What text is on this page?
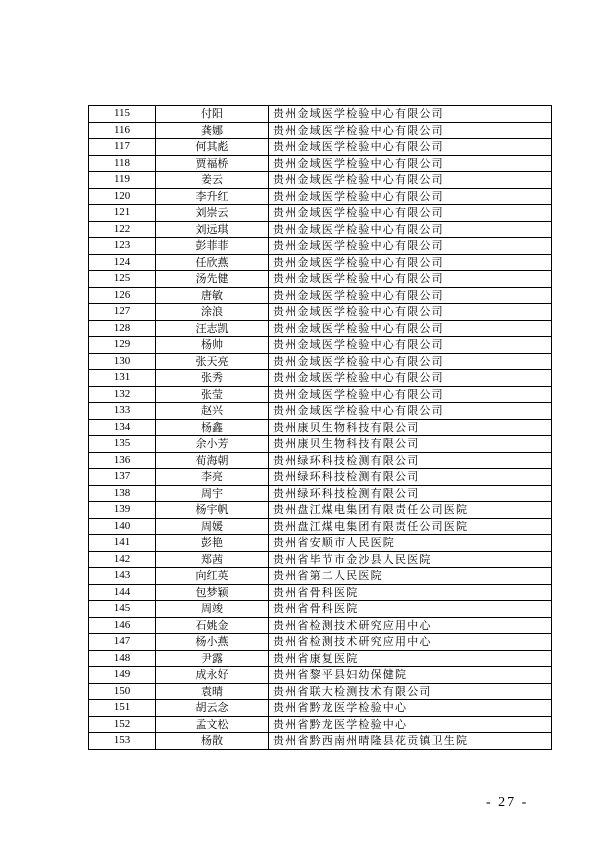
115	付阳	贵州金域医学检验中心有限公司
116	龚娜	贵州金域医学检验中心有限公司
117	何其彪	贵州金域医学检验中心有限公司
118	贾福桥	贵州金域医学检验中心有限公司
119	姜云	贵州金域医学检验中心有限公司
120	李升红	贵州金域医学检验中心有限公司
121	刘崇云	贵州金域医学检验中心有限公司
122	刘远琪	贵州金域医学检验中心有限公司
123	彭菲菲	贵州金域医学检验中心有限公司
124	任欣燕	贵州金域医学检验中心有限公司
125	汤先健	贵州金域医学检验中心有限公司
126	唐敏	贵州金域医学检验中心有限公司
127	涂浪	贵州金域医学检验中心有限公司
128	汪志凯	贵州金域医学检验中心有限公司
129	杨帅	贵州金域医学检验中心有限公司
130	张天亮	贵州金域医学检验中心有限公司
131	张秀	贵州金域医学检验中心有限公司
132	张莹	贵州金域医学检验中心有限公司
133	赵兴	贵州金域医学检验中心有限公司
134	杨鑫	贵州康贝生物科技有限公司
135	余小芳	贵州康贝生物科技有限公司
136	荀海朝	贵州绿环科技检测有限公司
137	李亮	贵州绿环科技检测有限公司
138	周宇	贵州绿环科技检测有限公司
139	杨宇帆	贵州盘江煤电集团有限责任公司医院
140	周媛	贵州盘江煤电集团有限责任公司医院
141	彭艳	贵州省安顺市人民医院
142	郑茜	贵州省毕节市金沙县人民医院
143	向红英	贵州省第二人民医院
144	包梦颖	贵州省骨科医院
145	周竣	贵州省骨科医院
146	石姚金	贵州省检测技术研究应用中心
147	杨小燕	贵州省检测技术研究应用中心
148	尹露	贵州省康复医院
149	成永好	贵州省黎平县妇幼保健院
150	袁晴	贵州省联大检测技术有限公司
151	胡云念	贵州省黔龙医学检验中心
152	孟文松	贵州省黔龙医学检验中心
153	杨散	贵州省黔西南州晴隆县花贡镇卫生院
- 27 -
